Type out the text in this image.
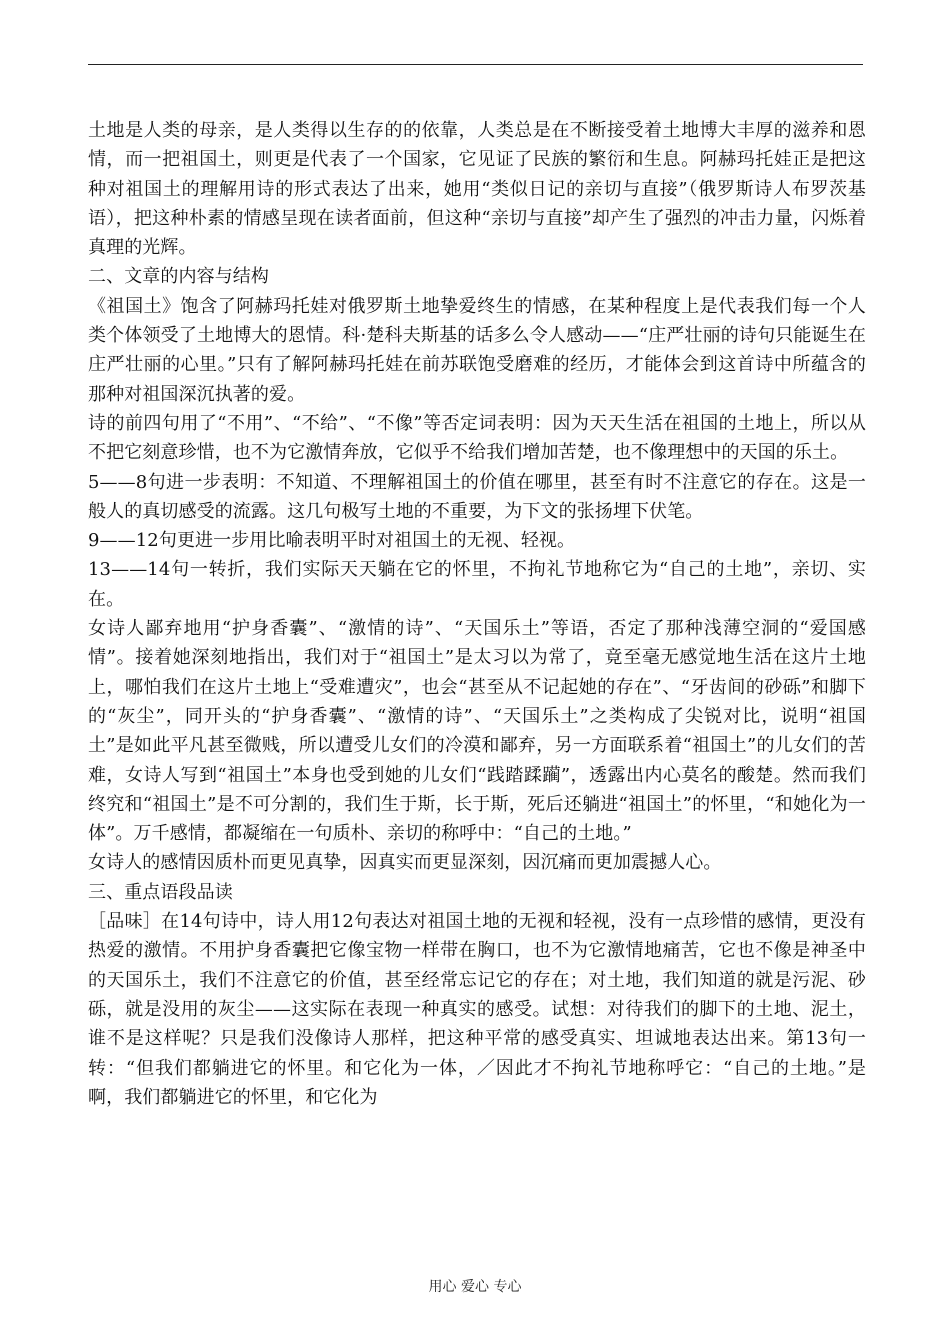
土地是人类的母亲，是人类得以生存的的依靠，人类总是在不断接受着土地博大丰厚的滋养和恩情，而一把祖国土，则更是代表了一个国家，它见证了民族的繁衍和生息。阿赫玛托娃正是把这种对祖国土的理解用诗的形式表达了出来，她用“类似日记的亲切与直接”（俄罗斯诗人布罗茨基语），把这种朴素的情感呈现在读者面前，但这种“亲切与直接”却产生了强烈的冲击力量，闪烁着真理的光辉。

二、文章的内容与结构

《祖国土》饱含了阿赫玛托娃对俄罗斯土地挚爱终生的情感，在某种程度上是代表我们每一个人类个体领受了土地博大的恩情。科·楚科夫斯基的话多么令人感动——“庄严壮丽的诗句只能诞生在庄严壮丽的心里。”只有了解阿赫玛托娃在前苏联饱受磨难的经历，才能体会到这首诗中所蕴含的那种对祖国深沉执著的爱。

诗的前四句用了“不用”、“不给”、“不像”等否定词表明：因为天天生活在祖国的土地上，所以从不把它刻意珍惜，也不为它激情奔放，它似乎不给我们增加苦楚，也不像理想中的天国的乐土。

5——8句进一步表明：不知道、不理解祖国土的价值在哪里，甚至有时不注意它的存在。这是一般人的真切感受的流露。这几句极写土地的不重要，为下文的张扬埋下伏笔。

9——12句更进一步用比喻表明平时对祖国土的无视、轻视。

13——14句一转折，我们实际天天躺在它的怀里，不拘礼节地称它为“自己的土地”，亲切、实在。

女诗人鄙弃地用“护身香囊”、“激情的诗”、“天国乐土”等语，否定了那种浅薄空洞的“爱国感情”。接着她深刻地指出，我们对于“祖国土”是太习以为常了，竟至毫无感觉地生活在这片土地上，哪怕我们在这片土地上“受难遭灾”，也会“甚至从不记起她的存在”、“牙齿间的砂砾”和脚下的“灰尘”，同开头的“护身香囊”、“激情的诗”、“天国乐土”之类构成了尖锐对比，说明“祖国土”是如此平凡甚至微贱，所以遭受儿女们的冷漠和鄙弃，另一方面联系着“祖国土”的儿女们的苦难，女诗人写到“祖国土”本身也受到她的儿女们“践踏蹂躏”，透露出内心莫名的酸楚。然而我们终究和“祖国土”是不可分割的，我们生于斯，长于斯，死后还躺进“祖国土”的怀里，“和她化为一体”。万千感情，都凝缩在一句质朴、亲切的称呼中：“自己的土地。”

女诗人的感情因质朴而更见真挚，因真实而更显深刻，因沉痛而更加震撼人心。

三、重点语段品读

［品味］在14句诗中，诗人用12句表达对祖国土地的无视和轻视，没有一点珍惜的感情，更没有热爱的激情。不用护身香囊把它像宝物一样带在胸口，也不为它激情地痛苦，它也不像是神圣中的天国乐土，我们不注意它的价值，甚至经常忘记它的存在；对土地，我们知道的就是污泥、砂砾，就是没用的灰尘——这实际在表现一种真实的感受。试想：对待我们的脚下的土地、泥土，谁不是这样呢？只是我们没像诗人那样，把这种平常的感受真实、坦诚地表达出来。第13句一转：“但我们都躺进它的怀里。和它化为一体，／因此才不拘礼节地称呼它：“自己的土地。”是啊，我们都躺进它的怀里，和它化为

用心 爱心 专心
